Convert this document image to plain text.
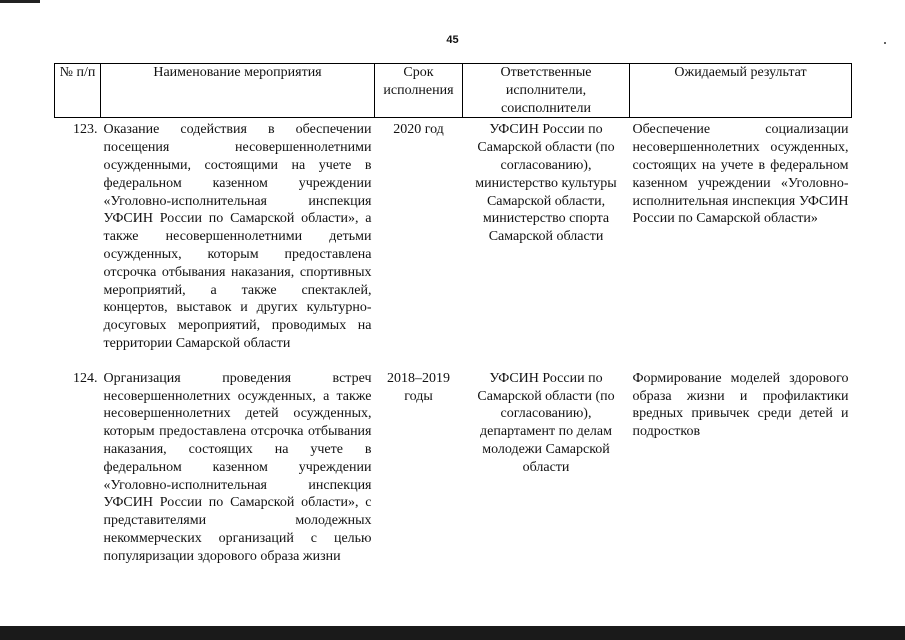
45
№ п/п	Наименование мероприятия	Срок исполнения	Ответственные исполнители, соисполнители	Ожидаемый результат
123.	Оказание содействия в обеспечении посещения несовершеннолетними осужденными, состоящими на учете в федеральном казенном учреждении «Уголовно-исполнительная инспекция УФСИН России по Самарской области», а также несовершеннолетними детьми осужденных, которым предоставлена отсрочка отбывания наказания, спортивных мероприятий, а также спектаклей, концертов, выставок и других культурно-досуговых мероприятий, проводимых на территории Самарской области	2020 год	УФСИН России по Самарской области (по согласованию), министерство культуры Самарской области, министерство спорта Самарской области	Обеспечение социализации несовершеннолетних осужденных, состоящих на учете в федеральном казенном учреждении «Уголовно-исполнительная инспекция УФСИН России по Самарской области»
124.	Организация проведения встреч несовершеннолетних осужденных, а также несовершеннолетних детей осужденных, которым предоставлена отсрочка отбывания наказания, состоящих на учете в федеральном казенном учреждении «Уголовно-исполнительная инспекция УФСИН России по Самарской области», с представителями молодежных некоммерческих организаций с целью популяризации здорового образа жизни	2018–2019 годы	УФСИН России по Самарской области (по согласованию), департамент по делам молодежи Самарской области	Формирование моделей здорового образа жизни и профилактики вредных привычек среди детей и подростков
